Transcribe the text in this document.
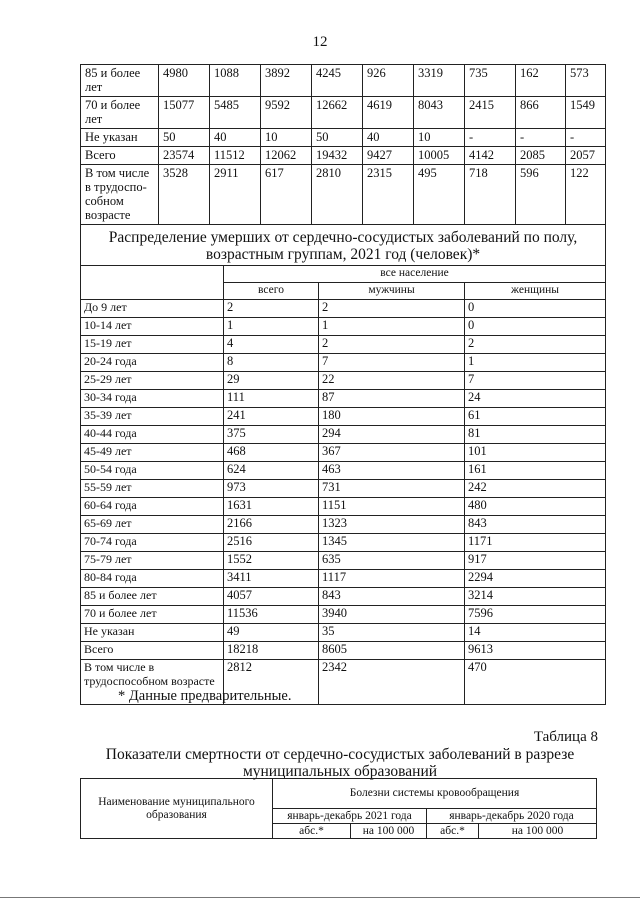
12
85 и более лет	4980	1088	3892	4245	926	3319	735	162	573	
70 и более лет	15077	5485	9592	12662	4619	8043	2415	866	1549	
Не указан	50	40	10	50	40	10	-	-	-	
Всего	23574	11512	12062	19432	9427	10005	4142	2085	2057	
В том числе в трудоспо-собном возрасте	3528	2911	617	2810	2315	495	718	596	122	
Распределение умерших от сердечно-сосудистых заболеваний по полу, возрастным группам, 2021 год (человек)*			
	все население		
	всего	мужчины	женщины
До 9 лет	2	2	0
10-14 лет	1	1	0
15-19 лет	4	2	2
20-24 года	8	7	1
25-29 лет	29	22	7
30-34 года	111	87	24
35-39 лет	241	180	61
40-44 года	375	294	81
45-49 лет	468	367	101
50-54 года	624	463	161
55-59 лет	973	731	242
60-64 года	1631	1151	480
65-69 лет	2166	1323	843
70-74 года	2516	1345	1171
75-79 лет	1552	635	917
80-84 года	3411	1117	2294
85 и более лет	4057	843	3214
70 и более лет	11536	3940	7596
Не указан	49	35	14
Всего	18218	8605	9613
В том числе в трудоспособном возрасте	2812	2342	470
* Данные предварительные.
Таблица 8
Показатели смертности от сердечно-сосудистых заболеваний в разрезе муниципальных образований
Наименование муниципального образования	Болезни системы кровообращения			
	январь-декабрь 2021 года		январь-декабрь 2020 года	
	абс.*	на 100 000	абс.*	на 100 000
